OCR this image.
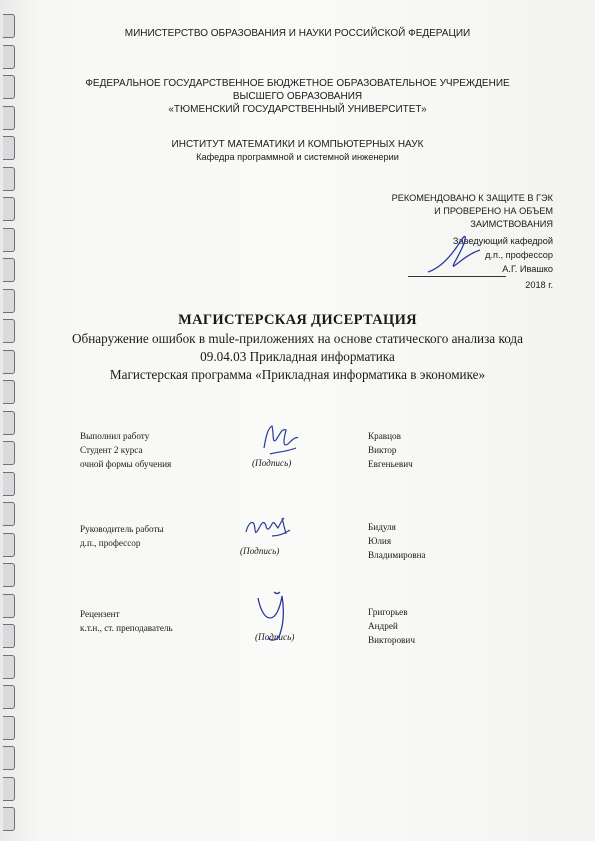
МИНИСТЕРСТВО ОБРАЗОВАНИЯ И НАУКИ РОССИЙСКОЙ ФЕДЕРАЦИИ
ФЕДЕРАЛЬНОЕ ГОСУДАРСТВЕННОЕ БЮДЖЕТНОЕ ОБРАЗОВАТЕЛЬНОЕ УЧРЕЖДЕНИЕ
ВЫСШЕГО ОБРАЗОВАНИЯ
«ТЮМЕНСКИЙ ГОСУДАРСТВЕННЫЙ УНИВЕРСИТЕТ»
ИНСТИТУТ МАТЕМАТИКИ И КОМПЬЮТЕРНЫХ НАУК
Кафедра программной и системной инженерии
РЕКОМЕНДОВАНО К ЗАЩИТЕ В ГЭК
И ПРОВЕРЕНО НА ОБЪЕМ
ЗАИМСТВОВАНИЯ
Заведующий кафедрой
д.п., профессор
А.Г. Ивашко
2018 г.
МАГИСТЕРСКАЯ ДИСЕРТАЦИЯ
Обнаружение ошибок в mule-приложениях на основе статического анализа кода
09.04.03 Прикладная информатика
Магистерская программа «Прикладная информатика в экономике»
Выполнил работу
Студент 2 курса
очной формы обучения	(Подпись)
Кравцов
Виктор
Евгеньевич
Руководитель работы
д.п., профессор
(Подпись)
Бидуля
Юлия
Владимировна
Рецензент
к.т.н., ст. преподаватель
(Подпись)
Григорьев
Андрей
Викторович
